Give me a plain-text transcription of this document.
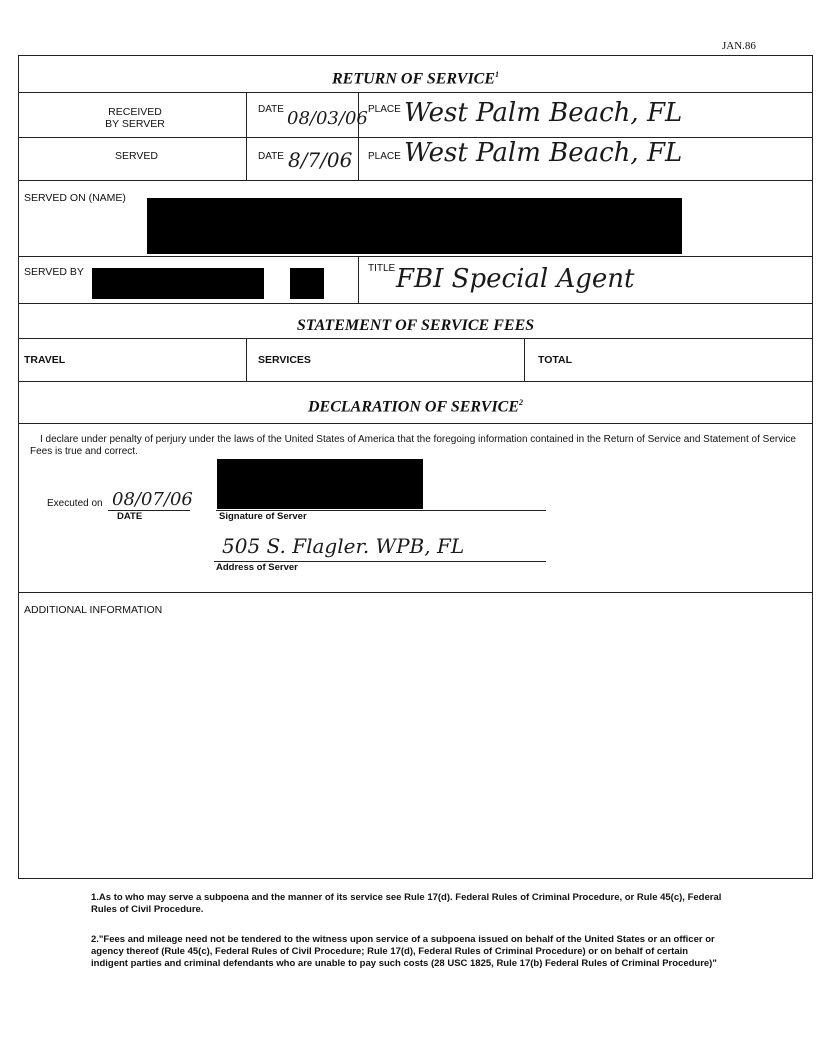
JAN.86
RETURN OF SERVICE$^1$
RECEIVED
BY SERVER
DATE 08/03/06 PLACE West Palm Beach, FL
SERVED	DATE 8/7/06 PLACE West Palm Beach, FL
SERVED ON (NAME)
SERVED BY	TITLE FBI Special Agent
STATEMENT OF SERVICE FEES
TRAVEL	SERVICES	TOTAL
DECLARATION OF SERVICE$^2$
I declare under penalty of perjury under the laws of the United States of America that the foregoing information contained in the Return of Service and Statement of Service Fees is true and correct.
Executed on 08/07/06
DATE	Signature of Server
505 S. Flagler. WPB, FL
Address of Server
ADDITIONAL INFORMATION
1.As to who may serve a subpoena and the manner of its service see Rule 17(d). Federal Rules of Criminal Procedure, or Rule 45(c), Federal Rules of Civil Procedure.
2."Fees and mileage need not be tendered to the witness upon service of a subpoena issued on behalf of the United States or an officer or agency thereof (Rule 45(c), Federal Rules of Civil Procedure; Rule 17(d), Federal Rules of Criminal Procedure) or on behalf of certain indigent parties and criminal defendants who are unable to pay such costs (28 USC 1825, Rule 17(b) Federal Rules of Criminal Procedure)"
